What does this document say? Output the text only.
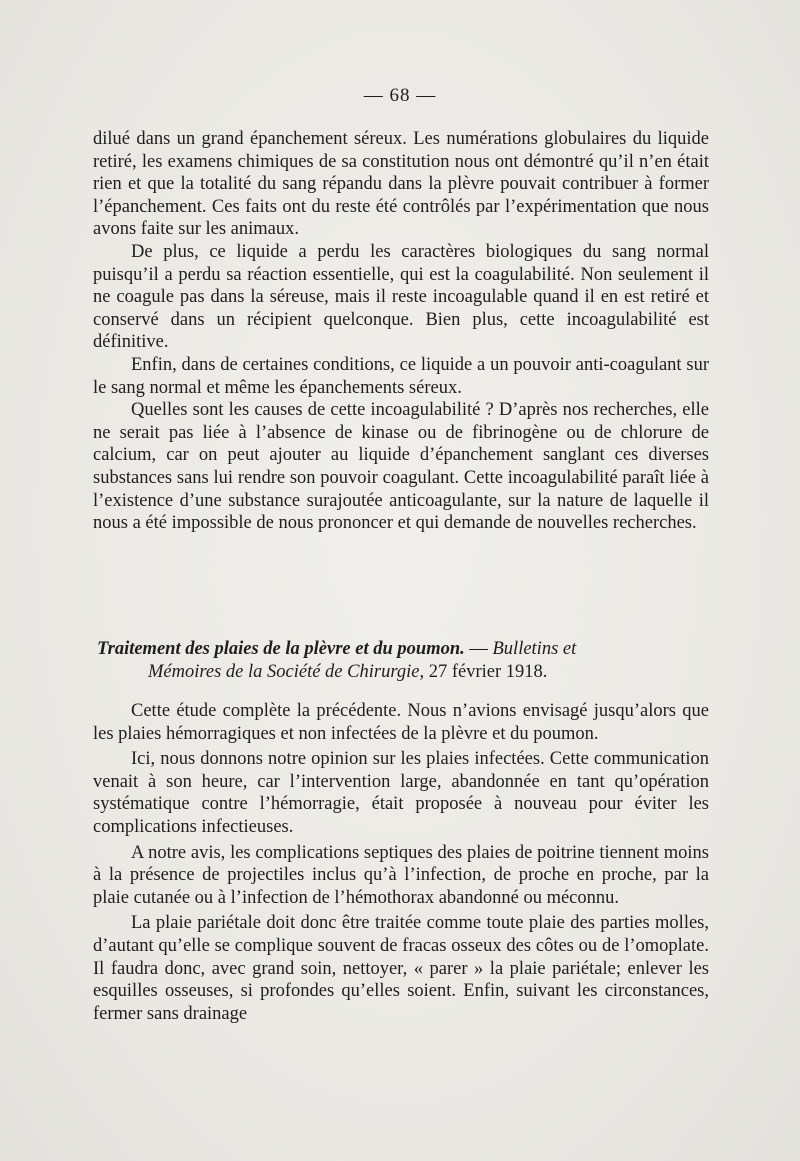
— 68 —

dilué dans un grand épanchement séreux. Les numérations globulaires du liquide retiré, les examens chimiques de sa constitution nous ont démontré qu’il n’en était rien et que la totalité du sang répandu dans la plèvre pouvait contribuer à former l’épanchement. Ces faits ont du reste été contrôlés par l’expérimentation que nous avons faite sur les animaux.

De plus, ce liquide a perdu les caractères biologiques du sang normal puisqu’il a perdu sa réaction essentielle, qui est la coagulabilité. Non seulement il ne coagule pas dans la séreuse, mais il reste incoagulable quand il en est retiré et conservé dans un récipient quelconque. Bien plus, cette incoagulabilité est définitive.

Enfin, dans de certaines conditions, ce liquide a un pouvoir anti-coagulant sur le sang normal et même les épanchements séreux.

Quelles sont les causes de cette incoagulabilité ? D’après nos recherches, elle ne serait pas liée à l’absence de kinase ou de fibrinogène ou de chlorure de calcium, car on peut ajouter au liquide d’épanchement sanglant ces diverses substances sans lui rendre son pouvoir coagulant. Cette incoagulabilité paraît liée à l’existence d’une substance surajoutée anticoagulante, sur la nature de laquelle il nous a été impossible de nous prononcer et qui demande de nouvelles recherches.

Traitement des plaies de la plèvre et du poumon. — Bulletins et
Mémoires de la Société de Chirurgie, 27 février 1918.

Cette étude complète la précédente. Nous n’avions envisagé jusqu’alors que les plaies hémorragiques et non infectées de la plèvre et du poumon.

Ici, nous donnons notre opinion sur les plaies infectées. Cette communication venait à son heure, car l’intervention large, abandonnée en tant qu’opération systématique contre l’hémorragie, était proposée à nouveau pour éviter les complications infectieuses.

A notre avis, les complications septiques des plaies de poitrine tiennent moins à la présence de projectiles inclus qu’à l’infection, de proche en proche, par la plaie cutanée ou à l’infection de l’hémothorax abandonné ou méconnu.

La plaie pariétale doit donc être traitée comme toute plaie des parties molles, d’autant qu’elle se complique souvent de fracas osseux des côtes ou de l’omoplate. Il faudra donc, avec grand soin, nettoyer, « parer » la plaie pariétale; enlever les esquilles osseuses, si profondes qu’elles soient. Enfin, suivant les circonstances, fermer sans drainage
